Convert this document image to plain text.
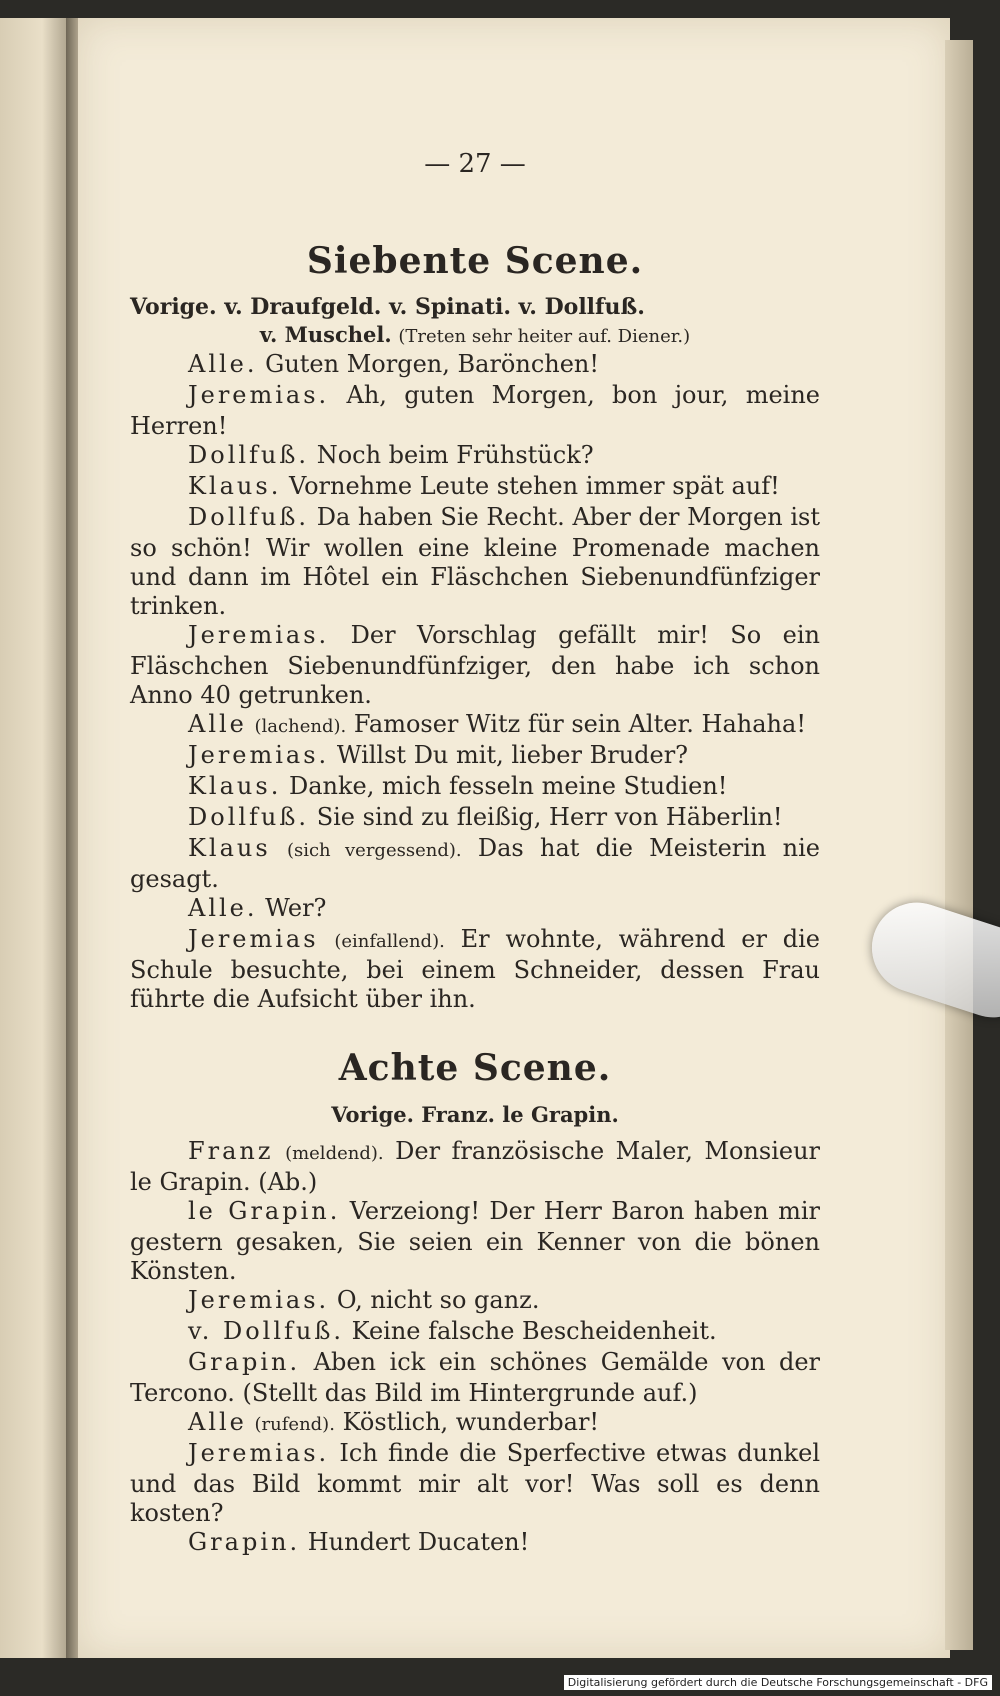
— 27 —
Siebente Scene.
Vorige. v. Draufgeld. v. Spinati. v. Dollfuß.
v. Muschel. (Treten sehr heiter auf. Diener.)
Alle. Guten Morgen, Barönchen!
Jeremias. Ah, guten Morgen, bon jour, meine Herren!
Dollfuß. Noch beim Frühstück?
Klaus. Vornehme Leute stehen immer spät auf!
Dollfuß. Da haben Sie Recht. Aber der Morgen ist so schön! Wir wollen eine kleine Promenade machen und dann im Hôtel ein Fläschchen Siebenundfünfziger trinken.
Jeremias. Der Vorschlag gefällt mir! So ein Fläschchen Siebenundfünfziger, den habe ich schon Anno 40 getrunken.
Alle (lachend). Famoser Witz für sein Alter. Hahaha!
Jeremias. Willst Du mit, lieber Bruder?
Klaus. Danke, mich fesseln meine Studien!
Dollfuß. Sie sind zu fleißig, Herr von Häberlin!
Klaus (sich vergessend). Das hat die Meisterin nie gesagt.
Alle. Wer?
Jeremias (einfallend). Er wohnte, während er die Schule besuchte, bei einem Schneider, dessen Frau führte die Aufsicht über ihn.
Achte Scene.
Vorige. Franz. le Grapin.
Franz (meldend). Der französische Maler, Monsieur le Grapin. (Ab.)
le Grapin. Verzeiong! Der Herr Baron haben mir gestern gesaken, Sie seien ein Kenner von die bönen Könsten.
Jeremias. O, nicht so ganz.
v. Dollfuß. Keine falsche Bescheidenheit.
Grapin. Aben ick ein schönes Gemälde von der Tercono. (Stellt das Bild im Hintergrunde auf.)
Alle (rufend). Köstlich, wunderbar!
Jeremias. Ich finde die Sperfective etwas dunkel und das Bild kommt mir alt vor! Was soll es denn kosten?
Grapin. Hundert Ducaten!
Digitalisierung gefördert durch die Deutsche Forschungsgemeinschaft - DFG
